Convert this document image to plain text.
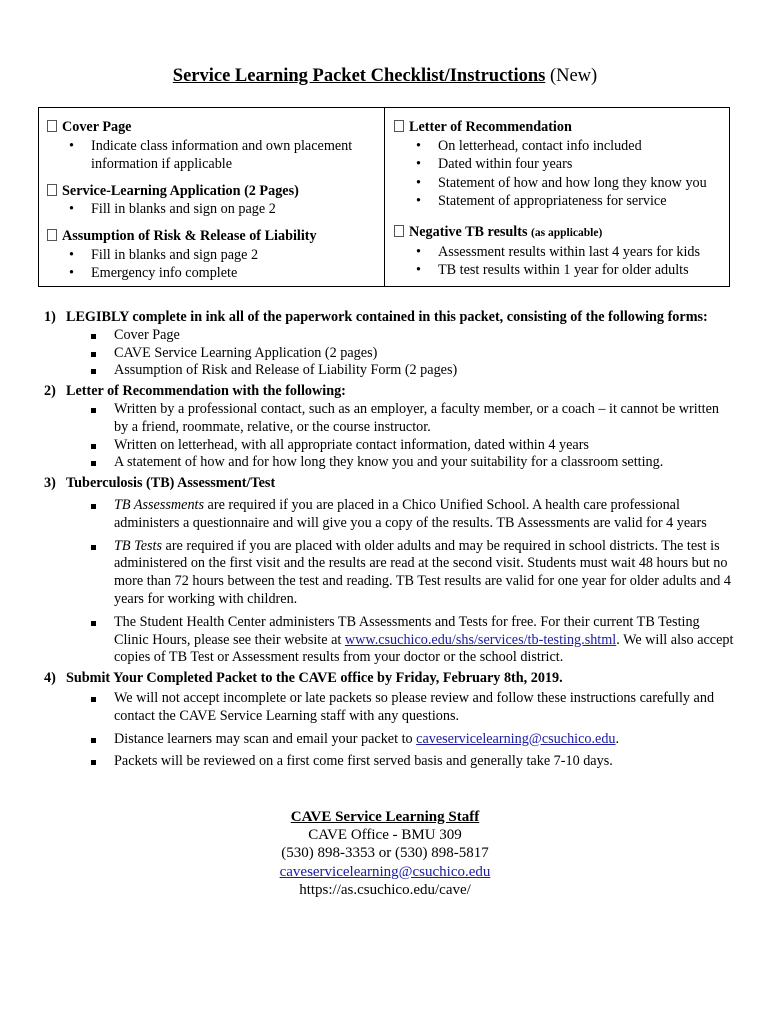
Service Learning Packet Checklist/Instructions (New)
Cover Page
• Indicate class information and own placement information if applicable
Service-Learning Application (2 Pages)
• Fill in blanks and sign on page 2
Assumption of Risk & Release of Liability
• Fill in blanks and sign page 2
• Emergency info complete
Letter of Recommendation
• On letterhead, contact info included
• Dated within four years
• Statement of how and how long they know you
• Statement of appropriateness for service
Negative TB results (as applicable)
• Assessment results within last 4 years for kids
• TB test results within 1 year for older adults
1) LEGIBLY complete in ink all of the paperwork contained in this packet, consisting of the following forms:
Cover Page
CAVE Service Learning Application (2 pages)
Assumption of Risk and Release of Liability Form (2 pages)
2) Letter of Recommendation with the following:
Written by a professional contact, such as an employer, a faculty member, or a coach – it cannot be written by a friend, roommate, relative, or the course instructor.
Written on letterhead, with all appropriate contact information, dated within 4 years
A statement of how and for how long they know you and your suitability for a classroom setting.
3) Tuberculosis (TB) Assessment/Test
TB Assessments are required if you are placed in a Chico Unified School. A health care professional administers a questionnaire and will give you a copy of the results. TB Assessments are valid for 4 years
TB Tests are required if you are placed with older adults and may be required in school districts. The test is administered on the first visit and the results are read at the second visit. Students must wait 48 hours but no more than 72 hours between the test and reading. TB Test results are valid for one year for older adults and 4 years for working with children.
The Student Health Center administers TB Assessments and Tests for free. For their current TB Testing Clinic Hours, please see their website at www.csuchico.edu/shs/services/tb-testing.shtml. We will also accept copies of TB Test or Assessment results from your doctor or the school district.
4) Submit Your Completed Packet to the CAVE office by Friday, February 8th, 2019.
We will not accept incomplete or late packets so please review and follow these instructions carefully and contact the CAVE Service Learning staff with any questions.
Distance learners may scan and email your packet to caveservicelearning@csuchico.edu.
Packets will be reviewed on a first come first served basis and generally take 7-10 days.
CAVE Service Learning Staff
CAVE Office - BMU 309
(530) 898-3353 or (530) 898-5817
caveservicelearning@csuchico.edu
https://as.csuchico.edu/cave/
